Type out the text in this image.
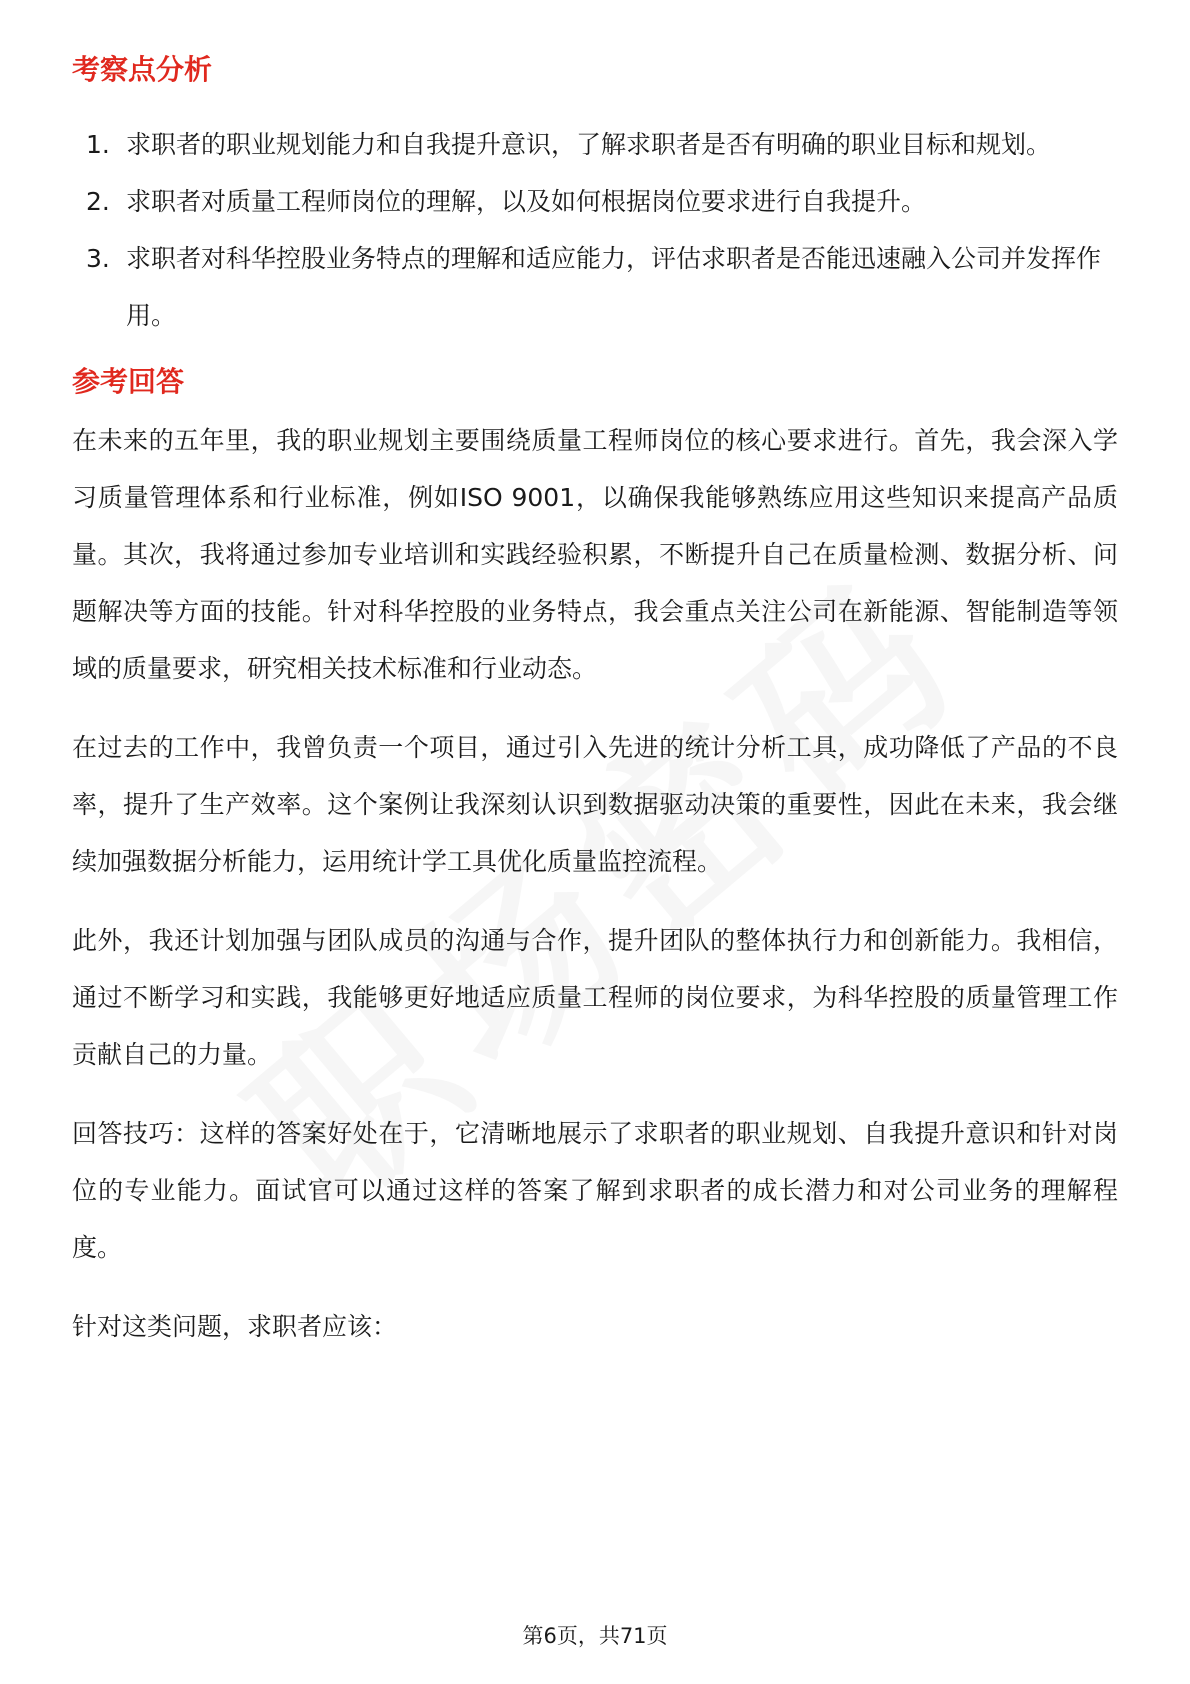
考察点分析
1. 求职者的职业规划能力和自我提升意识，了解求职者是否有明确的职业目标和规划。
2. 求职者对质量工程师岗位的理解，以及如何根据岗位要求进行自我提升。
3. 求职者对科华控股业务特点的理解和适应能力，评估求职者是否能迅速融入公司并发挥作用。
参考回答

在未来的五年里，我的职业规划主要围绕质量工程师岗位的核心要求进行。首先，我会深入学习质量管理体系和行业标准，例如ISO 9001，以确保我能够熟练应用这些知识来提高产品质量。其次，我将通过参加专业培训和实践经验积累，不断提升自己在质量检测、数据分析、问题解决等方面的技能。针对科华控股的业务特点，我会重点关注公司在新能源、智能制造等领域的质量要求，研究相关技术标准和行业动态。

在过去的工作中，我曾负责一个项目，通过引入先进的统计分析工具，成功降低了产品的不良率，提升了生产效率。这个案例让我深刻认识到数据驱动决策的重要性，因此在未来，我会继续加强数据分析能力，运用统计学工具优化质量监控流程。

此外，我还计划加强与团队成员的沟通与合作，提升团队的整体执行力和创新能力。我相信，通过不断学习和实践，我能够更好地适应质量工程师的岗位要求，为科华控股的质量管理工作贡献自己的力量。

回答技巧：这样的答案好处在于，它清晰地展示了求职者的职业规划、自我提升意识和针对岗位的专业能力。面试官可以通过这样的答案了解到求职者的成长潜力和对公司业务的理解程度。

针对这类问题，求职者应该：

第6页，共71页
